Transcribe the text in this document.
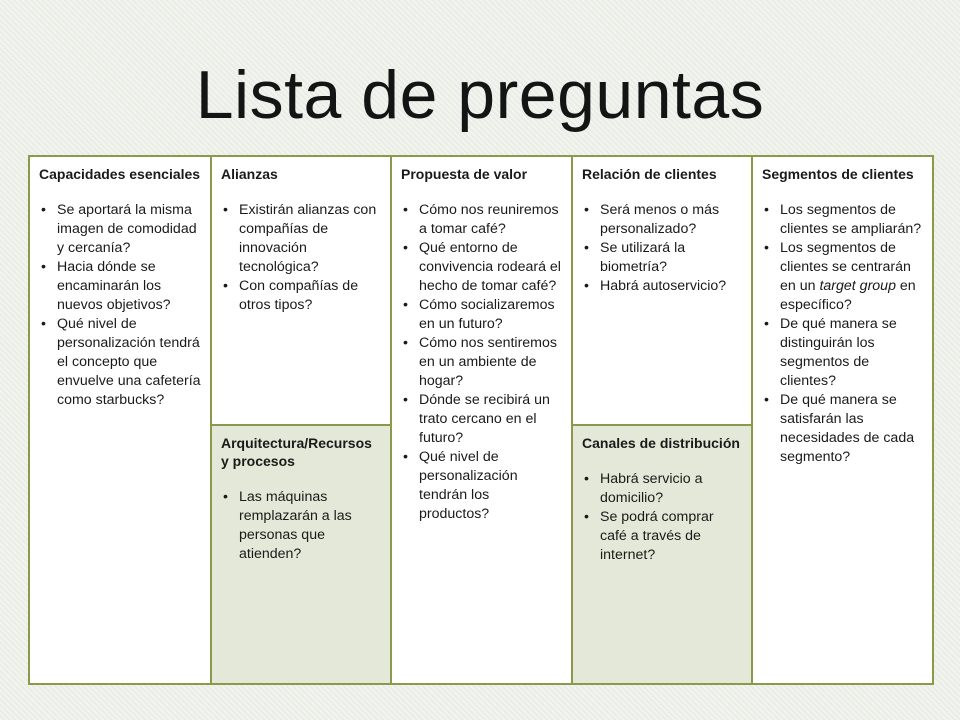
Lista de preguntas
Capacidades esenciales
• Se aportará la misma imagen de comodidad y cercanía?
• Hacia dónde se encaminarán los nuevos objetivos?
• Qué nivel de personalización tendrá el concepto que envuelve una cafetería como starbucks?
Alianzas
• Existirán alianzas con compañías de innovación tecnológica?
• Con compañías de otros tipos?
Arquitectura/Recursos y procesos
• Las máquinas remplazarán a las personas que atienden?
Propuesta de valor
• Cómo nos reuniremos a tomar café?
• Qué entorno de convivencia rodeará el hecho de tomar café?
• Cómo socializaremos en un futuro?
• Cómo nos sentiremos en un ambiente de hogar?
• Dónde se recibirá un trato cercano en el futuro?
• Qué nivel de personalización tendrán los productos?
Relación de clientes
• Será menos o más personalizado?
• Se utilizará la biometría?
• Habrá autoservicio?
Canales de distribución
• Habrá servicio a domicilio?
• Se podrá comprar café a través de internet?
Segmentos de clientes
• Los segmentos de clientes se ampliarán?
• Los segmentos de clientes se centrarán en un target group en específico?
• De qué manera se distinguirán los segmentos de clientes?
• De qué manera se satisfarán las necesidades de cada segmento?
